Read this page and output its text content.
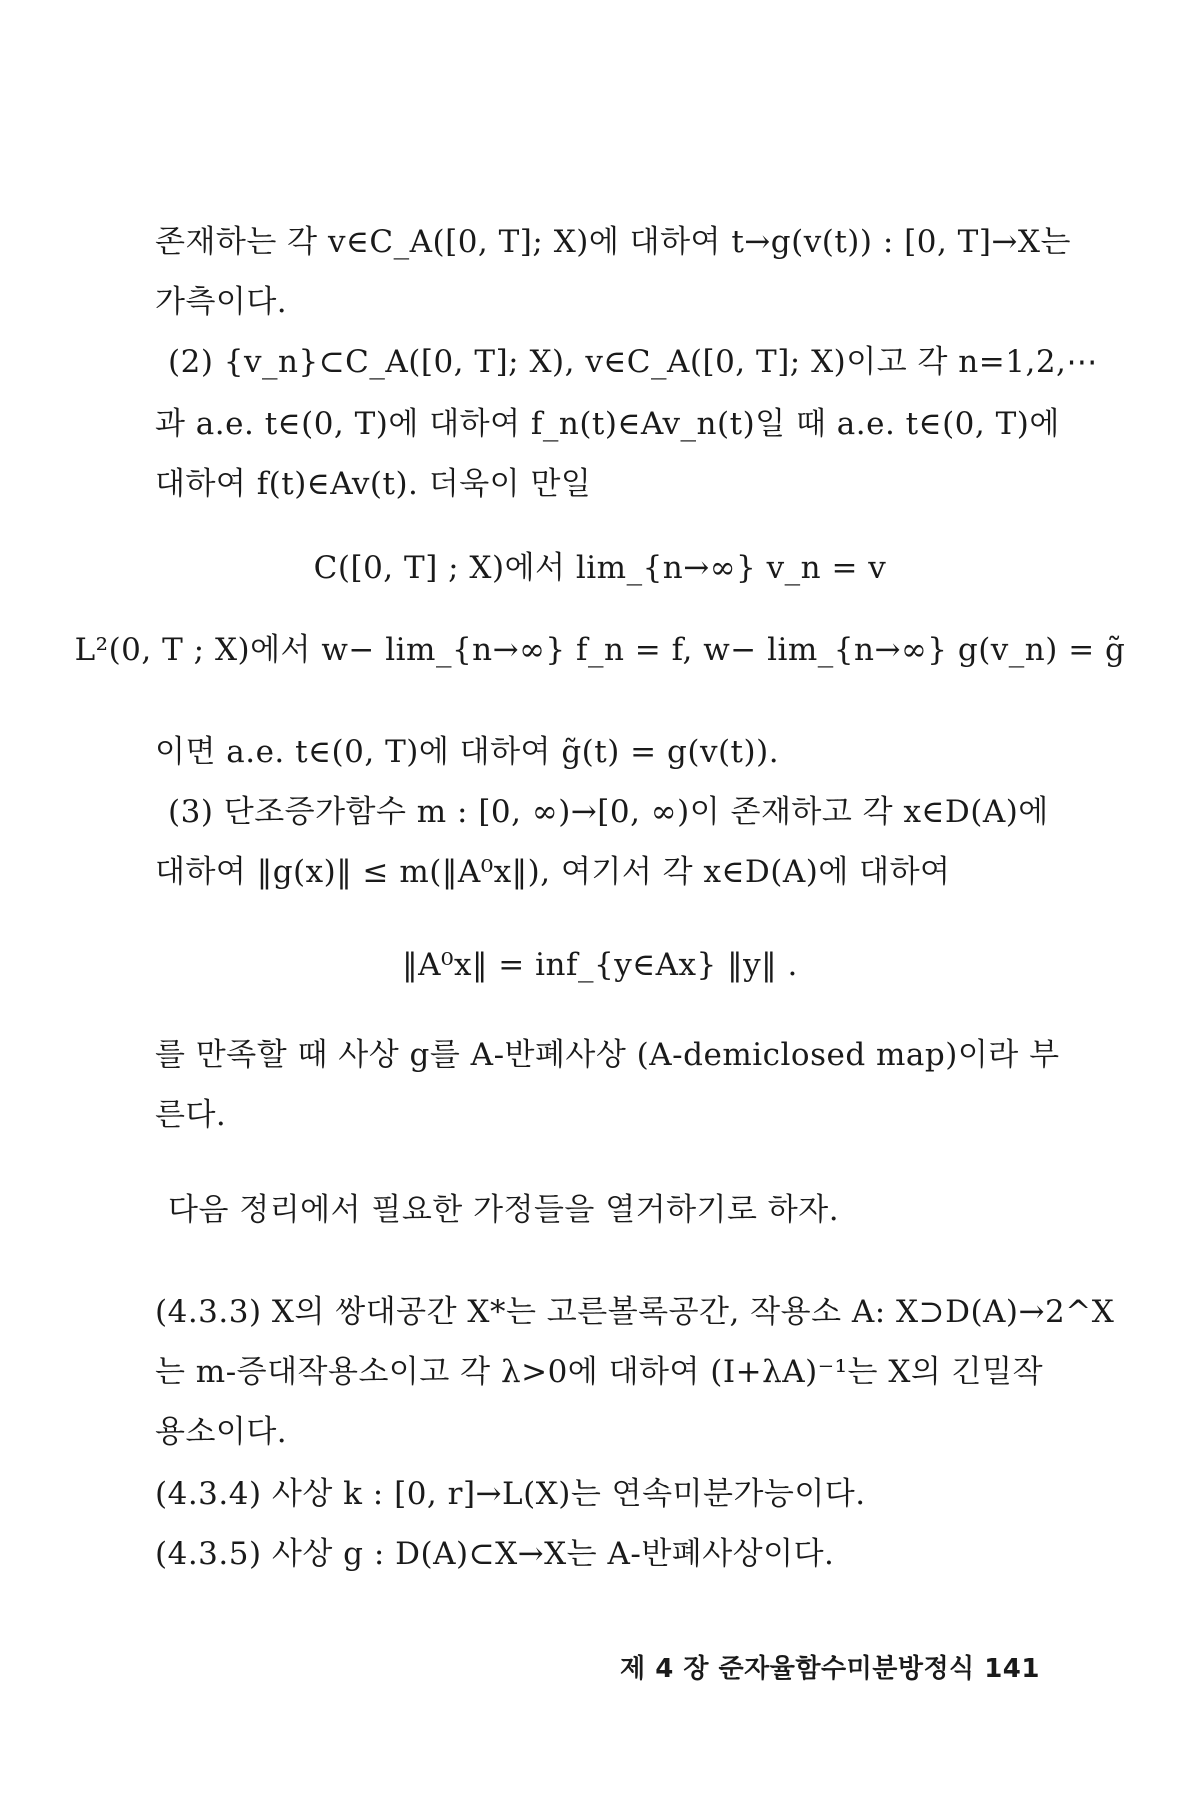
존재하는 각 v∈C_A([0, T]; X)에 대하여 t→g(v(t)) : [0, T]→X는
가측이다.
(2) {v_n}⊂C_A([0, T]; X), v∈C_A([0, T]; X)이고 각 n=1,2,⋯
과 a.e. t∈(0, T)에 대하여 f_n(t)∈Av_n(t)일 때 a.e. t∈(0, T)에
대하여 f(t)∈Av(t). 더욱이 만일
C([0, T] ; X)에서 lim_{n→∞} v_n = v
L²(0, T ; X)에서 w− lim_{n→∞} f_n = f, w− lim_{n→∞} g(v_n) = g̃
이면 a.e. t∈(0, T)에 대하여 g̃(t) = g(v(t)).
(3) 단조증가함수 m : [0, ∞)→[0, ∞)이 존재하고 각 x∈D(A)에
대하여 ‖g(x)‖ ≤ m(‖A⁰x‖), 여기서 각 x∈D(A)에 대하여
‖A⁰x‖ = inf_{y∈Ax} ‖y‖ .
를 만족할 때 사상 g를 A-반폐사상 (A-demiclosed map)이라 부
른다.
다음 정리에서 필요한 가정들을 열거하기로 하자.
(4.3.3) X의 쌍대공간 X*는 고른볼록공간, 작용소 A: X⊃D(A)→2^X
는 m-증대작용소이고 각 λ>0에 대하여 (I+λA)⁻¹는 X의 긴밀작
용소이다.
(4.3.4) 사상 k : [0, r]→L(X)는 연속미분가능이다.
(4.3.5) 사상 g : D(A)⊂X→X는 A-반폐사상이다.
제 4 장 준자율함수미분방정식 141
